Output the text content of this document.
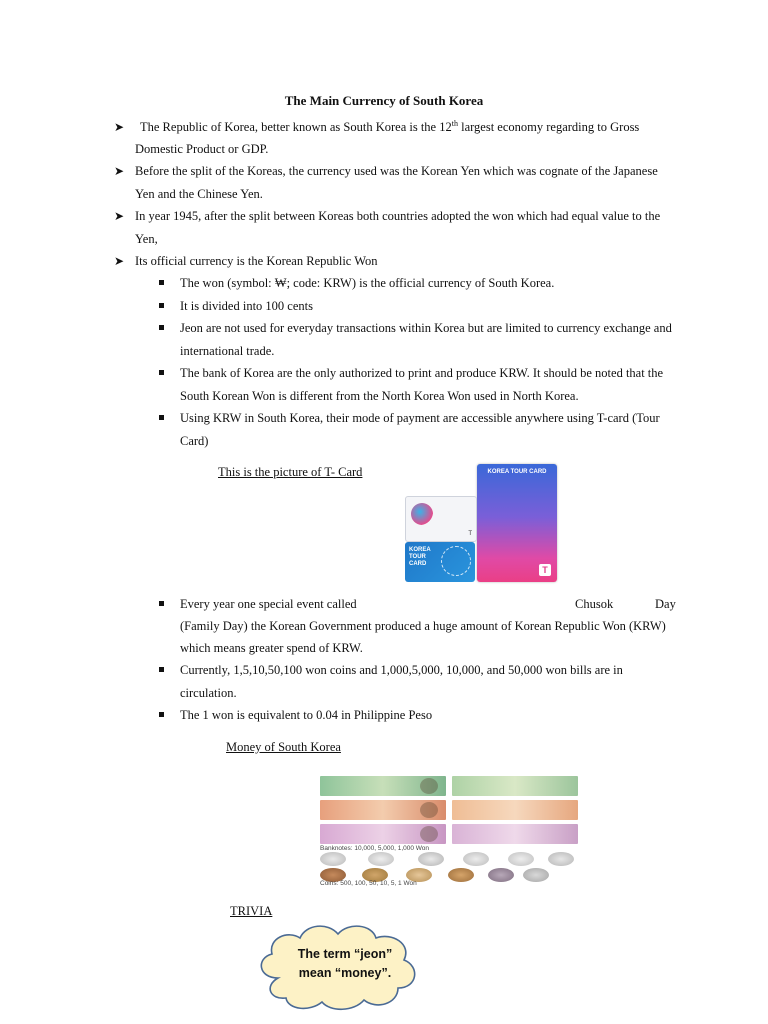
The Main Currency of South Korea
➤ The Republic of Korea, better known as South Korea is the 12th largest economy regarding to Gross
Domestic Product or GDP.
➤ Before the split of the Koreas, the currency used was the Korean Yen which was cognate of the Japanese
Yen and the Chinese Yen.
➤ In year 1945, after the split between Koreas both countries adopted the won which had equal value to the
Yen,
➤ Its official currency is the Korean Republic Won
The won (symbol: ₩; code: KRW) is the official currency of South Korea.
It is divided into 100 cents
Jeon are not used for everyday transactions within Korea but are limited to currency exchange and
international trade.
The bank of Korea are the only authorized to print and produce KRW. It should be noted that the
South Korean Won is different from the North Korea Won used in North Korea.
Using KRW in South Korea, their mode of payment are accessible anywhere using T-card (Tour
Card)
This is the picture of T- Card	KOREA TOUR CARD
T
T
KOREA
TOUR
CARD
Every year one special event called	Chusok	Day
(Family Day) the Korean Government produced a huge amount of Korean Republic Won (KRW)
which means greater spend of KRW.
Currently, 1,5,10,50,100 won coins and 1,000,5,000, 10,000, and 50,000 won bills are in
circulation.
The 1 won is equivalent to 0.04 in Philippine Peso
Money of South Korea
Banknotes: 10,000, 5,000, 1,000 Won
Coins: 500, 100, 50, 10, 5, 1 Won
TRIVIA
The term “jeon”
mean “money”.
